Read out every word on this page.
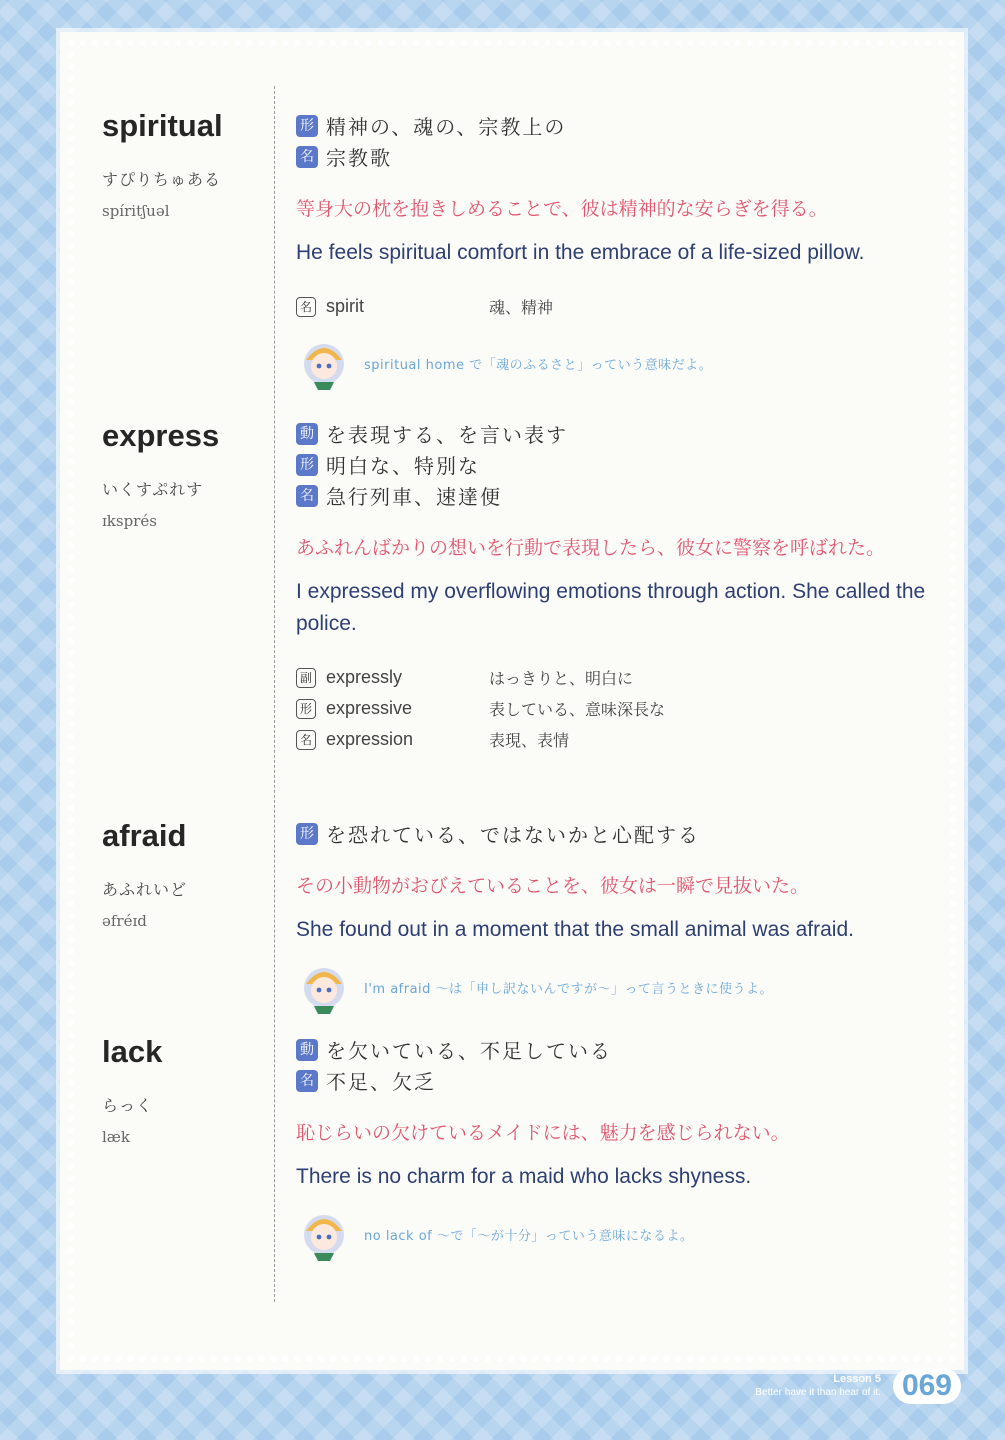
spiritual
すぴりちゅある
spíritʃuəl
形 精神の、魂の、宗教上の
名 宗教歌
等身大の枕を抱きしめることで、彼は精神的な安らぎを得る。
He feels spiritual comfort in the embrace of a life-sized pillow.
名 spirit	魂、精神
spiritual home で「魂のふるさと」っていう意味だよ。
express
いくすぷれす
ɪksprés
動 を表現する、を言い表す
形 明白な、特別な
名 急行列車、速達便
あふれんばかりの想いを行動で表現したら、彼女に警察を呼ばれた。
I expressed my overflowing emotions through action. She called the police.
副 expressly	はっきりと、明白に
形 expressive	表している、意味深長な
名 expression	表現、表情
afraid
あふれいど
əfréɪd
形 を恐れている、ではないかと心配する
その小動物がおびえていることを、彼女は一瞬で見抜いた。
She found out in a moment that the small animal was afraid.
I'm afraid ～は「申し訳ないんですが～」って言うときに使うよ。
lack
らっく
læk
動 を欠いている、不足している
名 不足、欠乏
恥じらいの欠けているメイドには、魅力を感じられない。
There is no charm for a maid who lacks shyness.
no lack of ～で「～が十分」っていう意味になるよ。
Lesson 5
Better have it than hear of it. 069
